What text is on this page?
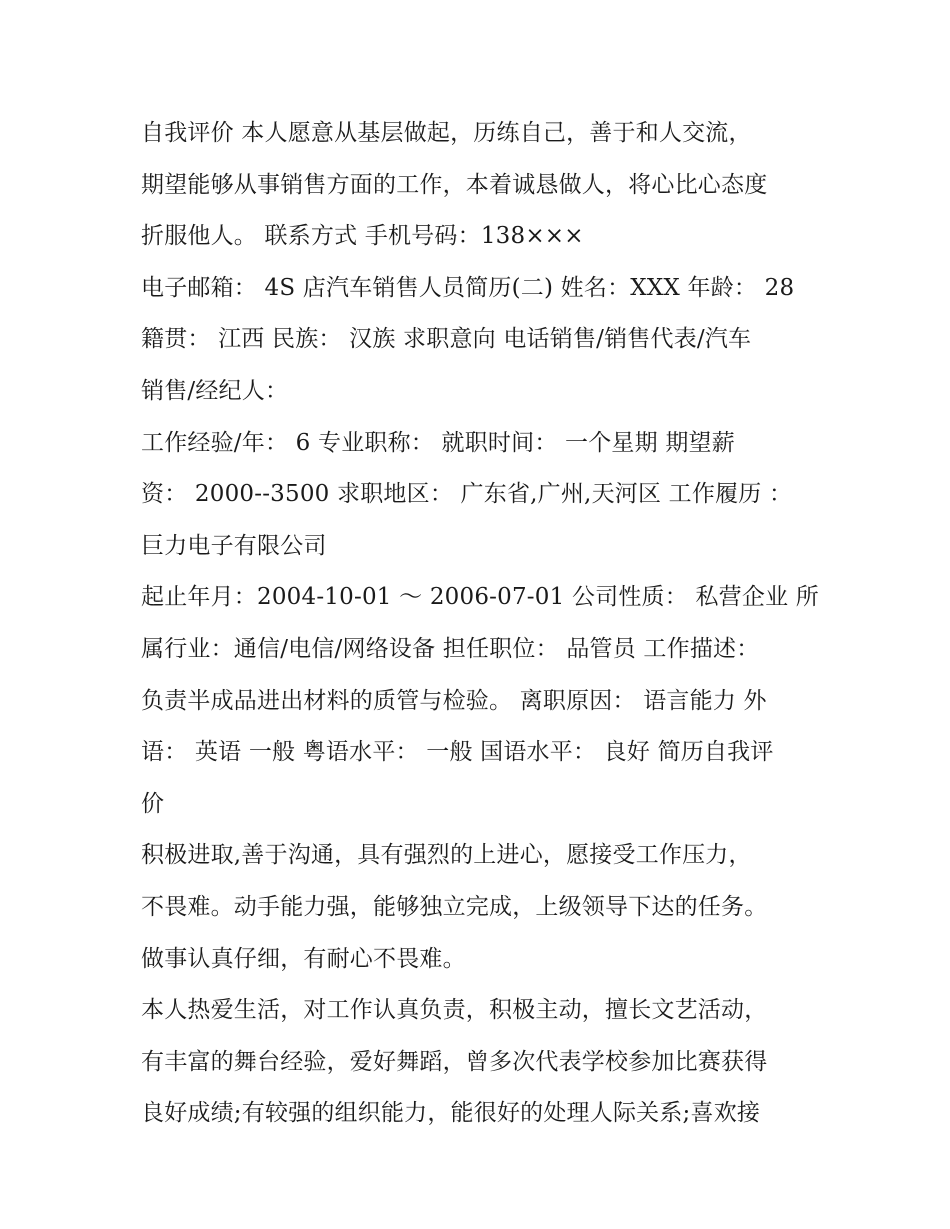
自我评价 本人愿意从基层做起，历练自己，善于和人交流，
期望能够从事销售方面的工作，本着诚恳做人，将心比心态度
折服他人。 联系方式 手机号码：138×××
电子邮箱： 4S 店汽车销售人员简历(二) 姓名：XXX 年龄： 28
籍贯： 江西 民族： 汉族 求职意向 电话销售/销售代表/汽车
销售/经纪人：
工作经验/年： 6 专业职称： 就职时间： 一个星期 期望薪
资： 2000--3500 求职地区： 广东省,广州,天河区 工作履历 ：
巨力电子有限公司
起止年月：2004-10-01 ～ 2006-07-01 公司性质： 私营企业 所
属行业：通信/电信/网络设备 担任职位： 品管员 工作描述：
负责半成品进出材料的质管与检验。 离职原因： 语言能力 外
语： 英语 一般 粤语水平： 一般 国语水平： 良好 简历自我评
价
积极进取,善于沟通，具有强烈的上进心，愿接受工作压力，
不畏难。动手能力强，能够独立完成，上级领导下达的任务。
做事认真仔细，有耐心不畏难。
本人热爱生活，对工作认真负责，积极主动，擅长文艺活动，
有丰富的舞台经验，爱好舞蹈，曾多次代表学校参加比赛获得
良好成绩;有较强的组织能力，能很好的处理人际关系;喜欢接
